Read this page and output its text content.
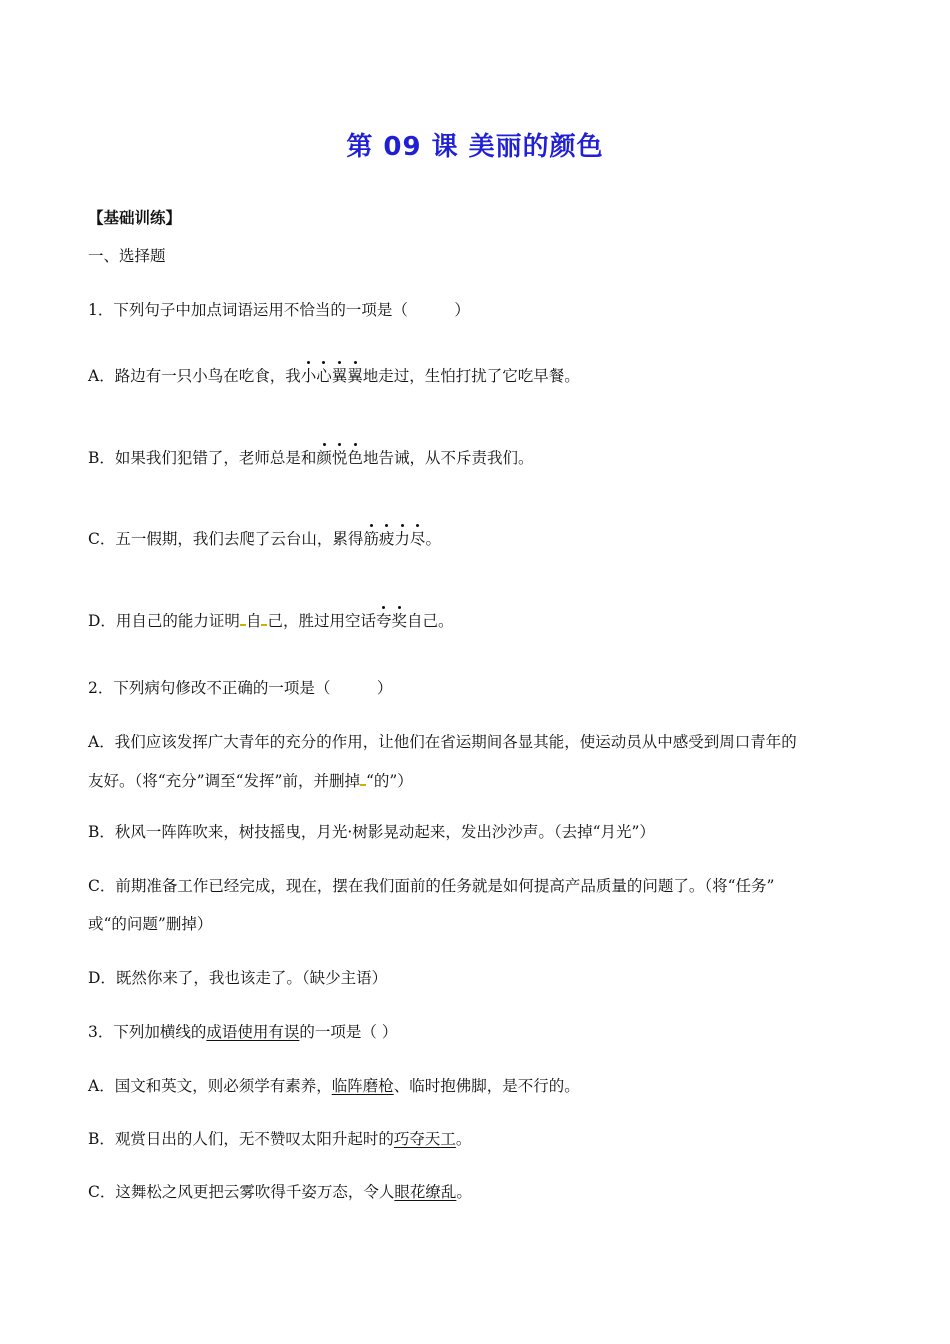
第 09 课 美丽的颜色
【基础训练】
一、选择题
1．下列句子中加点词语运用不恰当的一项是（　　　）
A．路边有一只小鸟在吃食，我小心翼翼地走过，生怕打扰了它吃早餐。
B．如果我们犯错了，老师总是和颜悦色地告诫，从不斥责我们。
C．五一假期，我们去爬了云台山，累得筋疲力尽。
D．用自己的能力证明 自 己，胜过用空话夸奖自己。
2．下列病句修改不正确的一项是（　　　）
A．我们应该发挥广大青年的充分的作用，让他们在省运期间各显其能，使运动员从中感受到周口青年的
友好。（将“充分”调至“发挥”前，并删掉 “的”）
B．秋风一阵阵吹来，树技摇曳，月光·树影晃动起来，发出沙沙声。（去掉“月光”）
C．前期准备工作已经完成，现在，摆在我们面前的任务就是如何提高产品质量的问题了。（将“任务”
或“的问题”删掉）
D．既然你来了，我也该走了。（缺少主语）
3．下列加横线的成语使用有误的一项是（ ）
A．国文和英文，则必须学有素养，临阵磨枪、临时抱佛脚，是不行的。
B．观赏日出的人们，无不赞叹太阳升起时的巧夺天工。
C．这舞松之风更把云雾吹得千姿万态，令人眼花缭乱。
